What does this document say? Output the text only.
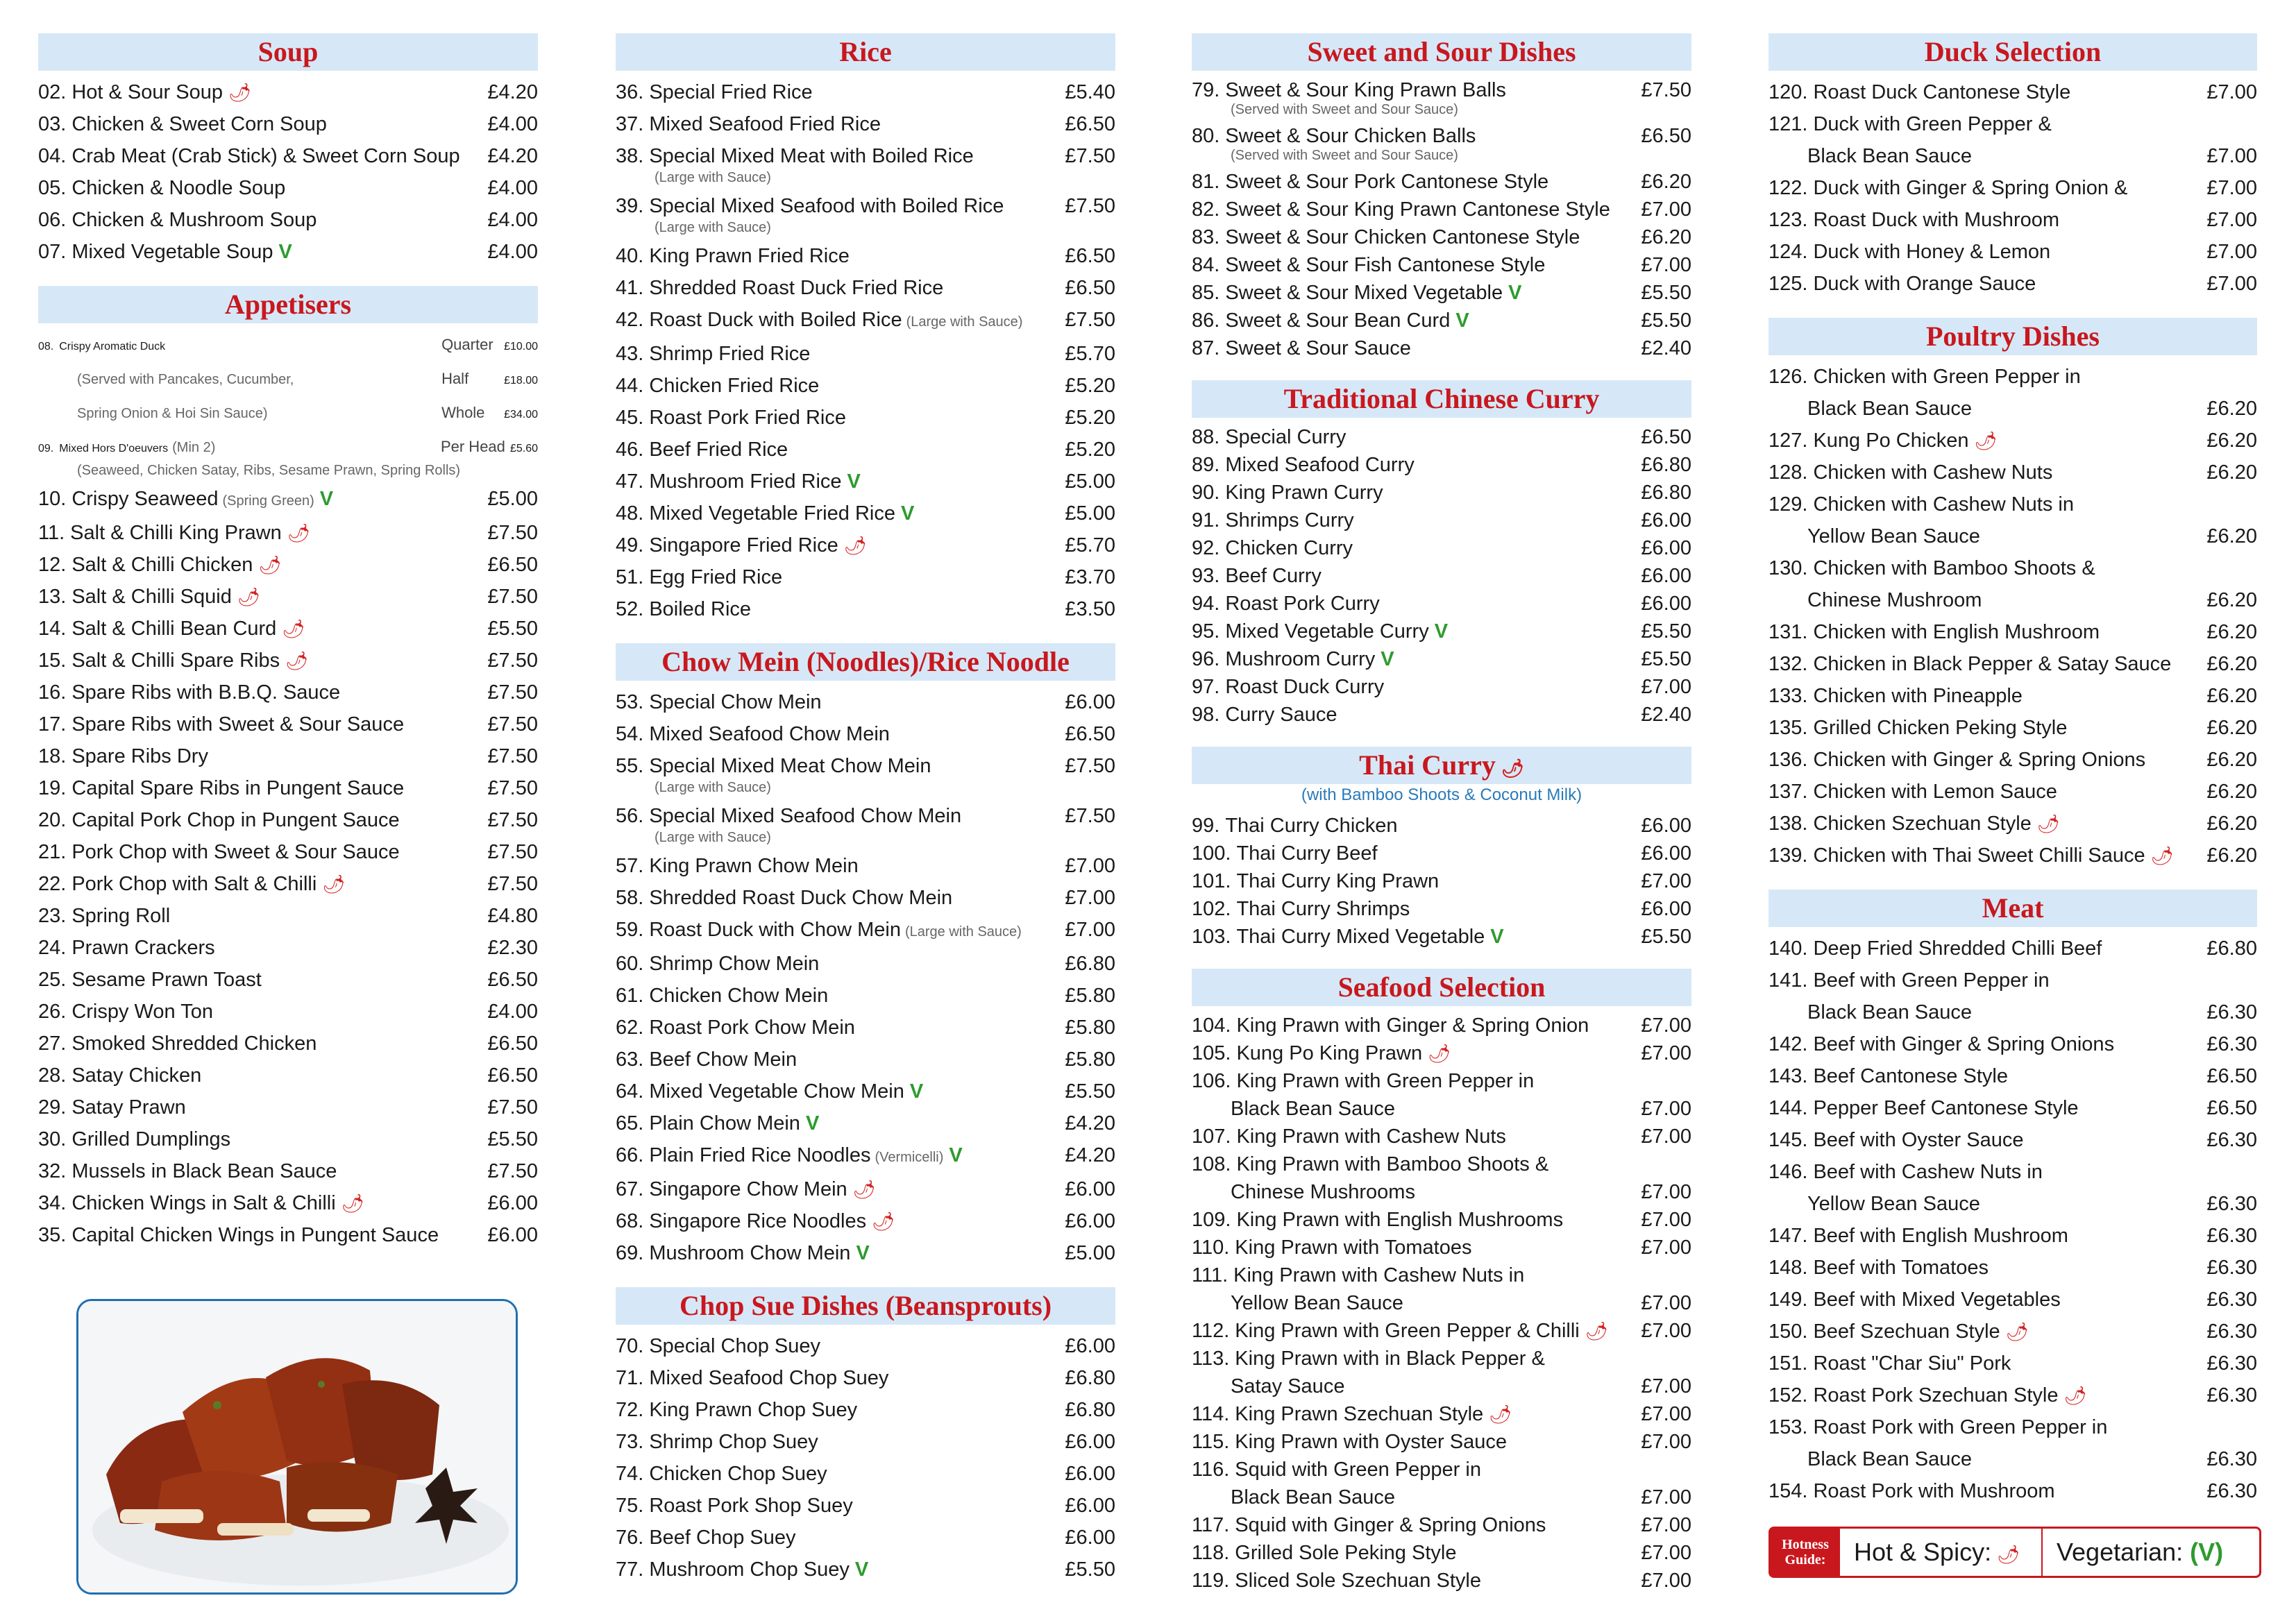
Soup
02. Hot & Sour Soup 🌶	£4.20
03. Chicken & Sweet Corn Soup	£4.00
04. Crab Meat (Crab Stick) & Sweet Corn Soup	£4.20
05. Chicken & Noodle Soup	£4.00
06. Chicken & Mushroom Soup	£4.00
07. Mixed Vegetable Soup V	£4.00
Appetisers
08. Crispy Aromatic Duck	Quarter £10.00
(Served with Pancakes, Cucumber,	Half	£18.00
Spring Onion & Hoi Sin Sauce)	Whole	£34.00
09. Mixed Hors D'oeuvers (Min 2)	Per Head £5.60
(Seaweed, Chicken Satay, Ribs, Sesame Prawn, Spring Rolls)
10. Crispy Seaweed (Spring Green) V	£5.00
11. Salt & Chilli King Prawn 🌶	£7.50
12. Salt & Chilli Chicken 🌶	£6.50
13. Salt & Chilli Squid 🌶	£7.50
14. Salt & Chilli Bean Curd 🌶	£5.50
15. Salt & Chilli Spare Ribs 🌶	£7.50
16. Spare Ribs with B.B.Q. Sauce	£7.50
17. Spare Ribs with Sweet & Sour Sauce	£7.50
18. Spare Ribs Dry	£7.50
19. Capital Spare Ribs in Pungent Sauce	£7.50
20. Capital Pork Chop in Pungent Sauce	£7.50
21. Pork Chop with Sweet & Sour Sauce	£7.50
22. Pork Chop with Salt & Chilli 🌶	£7.50
23. Spring Roll	£4.80
24. Prawn Crackers	£2.30
25. Sesame Prawn Toast	£6.50
26. Crispy Won Ton	£4.00
27. Smoked Shredded Chicken	£6.50
28. Satay Chicken	£6.50
29. Satay Prawn	£7.50
30. Grilled Dumplings	£5.50
32. Mussels in Black Bean Sauce	£7.50
34. Chicken Wings in Salt & Chilli 🌶	£6.00
35. Capital Chicken Wings in Pungent Sauce	£6.00
Rice
36. Special Fried Rice	£5.40
37. Mixed Seafood Fried Rice	£6.50
38. Special Mixed Meat with Boiled Rice	£7.50
(Large with Sauce)
39. Special Mixed Seafood with Boiled Rice	£7.50
(Large with Sauce)
40. King Prawn Fried Rice	£6.50
41. Shredded Roast Duck Fried Rice	£6.50
42. Roast Duck with Boiled Rice (Large with Sauce)	£7.50
43. Shrimp Fried Rice	£5.70
44. Chicken Fried Rice	£5.20
45. Roast Pork Fried Rice	£5.20
46. Beef Fried Rice	£5.20
47. Mushroom Fried Rice V	£5.00
48. Mixed Vegetable Fried Rice V	£5.00
49. Singapore Fried Rice 🌶	£5.70
51. Egg Fried Rice	£3.70
52. Boiled Rice	£3.50
Chow Mein (Noodles)/Rice Noodle
53. Special Chow Mein	£6.00
54. Mixed Seafood Chow Mein	£6.50
55. Special Mixed Meat Chow Mein	£7.50
(Large with Sauce)
56. Special Mixed Seafood Chow Mein	£7.50
(Large with Sauce)
57. King Prawn Chow Mein	£7.00
58. Shredded Roast Duck Chow Mein	£7.00
59. Roast Duck with Chow Mein (Large with Sauce)	£7.00
60. Shrimp Chow Mein	£6.80
61. Chicken Chow Mein	£5.80
62. Roast Pork Chow Mein	£5.80
63. Beef Chow Mein	£5.80
64. Mixed Vegetable Chow Mein V	£5.50
65. Plain Chow Mein V	£4.20
66. Plain Fried Rice Noodles (Vermicelli) V	£4.20
67. Singapore Chow Mein 🌶	£6.00
68. Singapore Rice Noodles 🌶	£6.00
69. Mushroom Chow Mein V	£5.00
Chop Sue Dishes (Beansprouts)
70. Special Chop Suey	£6.00
71. Mixed Seafood Chop Suey	£6.80
72. King Prawn Chop Suey	£6.80
73. Shrimp Chop Suey	£6.00
74. Chicken Chop Suey	£6.00
75. Roast Pork Shop Suey	£6.00
76. Beef Chop Suey	£6.00
77. Mushroom Chop Suey V	£5.50
Sweet and Sour Dishes
79. Sweet & Sour King Prawn Balls	£7.50
(Served with Sweet and Sour Sauce)
80. Sweet & Sour Chicken Balls	£6.50
(Served with Sweet and Sour Sauce)
81. Sweet & Sour Pork Cantonese Style	£6.20
82. Sweet & Sour King Prawn Cantonese Style	£7.00
83. Sweet & Sour Chicken Cantonese Style	£6.20
84. Sweet & Sour Fish Cantonese Style	£7.00
85. Sweet & Sour Mixed Vegetable V	£5.50
86. Sweet & Sour Bean Curd V	£5.50
87. Sweet & Sour Sauce	£2.40
Traditional Chinese Curry
88. Special Curry	£6.50
89. Mixed Seafood Curry	£6.80
90. King Prawn Curry	£6.80
91. Shrimps Curry	£6.00
92. Chicken Curry	£6.00
93. Beef Curry	£6.00
94. Roast Pork Curry	£6.00
95. Mixed Vegetable Curry V	£5.50
96. Mushroom Curry V	£5.50
97. Roast Duck Curry	£7.00
98. Curry Sauce	£2.40
Thai Curry 🌶
(with Bamboo Shoots & Coconut Milk)
99. Thai Curry Chicken	£6.00
100. Thai Curry Beef	£6.00
101. Thai Curry King Prawn	£7.00
102. Thai Curry Shrimps	£6.00
103. Thai Curry Mixed Vegetable V	£5.50
Seafood Selection
104. King Prawn with Ginger & Spring Onion	£7.00
105. Kung Po King Prawn 🌶	£7.00
106. King Prawn with Green Pepper in
Black Bean Sauce	£7.00
107. King Prawn with Cashew Nuts	£7.00
108. King Prawn with Bamboo Shoots &
Chinese Mushrooms	£7.00
109. King Prawn with English Mushrooms	£7.00
110. King Prawn with Tomatoes	£7.00
111. King Prawn with Cashew Nuts in
Yellow Bean Sauce	£7.00
112. King Prawn with Green Pepper & Chilli 🌶	£7.00
113. King Prawn with in Black Pepper &
Satay Sauce	£7.00
114. King Prawn Szechuan Style 🌶	£7.00
115. King Prawn with Oyster Sauce	£7.00
116. Squid with Green Pepper in
Black Bean Sauce	£7.00
117. Squid with Ginger & Spring Onions	£7.00
118. Grilled Sole Peking Style	£7.00
119. Sliced Sole Szechuan Style	£7.00
Duck Selection
120. Roast Duck Cantonese Style	£7.00
121. Duck with Green Pepper &
Black Bean Sauce	£7.00
122. Duck with Ginger & Spring Onion &	£7.00
123. Roast Duck with Mushroom	£7.00
124. Duck with Honey & Lemon	£7.00
125. Duck with Orange Sauce	£7.00
Poultry Dishes
126. Chicken with Green Pepper in
Black Bean Sauce	£6.20
127. Kung Po Chicken 🌶	£6.20
128. Chicken with Cashew Nuts	£6.20
129. Chicken with Cashew Nuts in
Yellow Bean Sauce	£6.20
130. Chicken with Bamboo Shoots &
Chinese Mushroom	£6.20
131. Chicken with English Mushroom	£6.20
132. Chicken in Black Pepper & Satay Sauce	£6.20
133. Chicken with Pineapple	£6.20
135. Grilled Chicken Peking Style	£6.20
136. Chicken with Ginger & Spring Onions	£6.20
137. Chicken with Lemon Sauce	£6.20
138. Chicken Szechuan Style 🌶	£6.20
139. Chicken with Thai Sweet Chilli Sauce 🌶	£6.20
Meat
140. Deep Fried Shredded Chilli Beef	£6.80
141. Beef with Green Pepper in
Black Bean Sauce	£6.30
142. Beef with Ginger & Spring Onions	£6.30
143. Beef Cantonese Style	£6.50
144. Pepper Beef Cantonese Style	£6.50
145. Beef with Oyster Sauce	£6.30
146. Beef with Cashew Nuts in
Yellow Bean Sauce	£6.30
147. Beef with English Mushroom	£6.30
148. Beef with Tomatoes	£6.30
149. Beef with Mixed Vegetables	£6.30
150. Beef Szechuan Style 🌶	£6.30
151. Roast "Char Siu" Pork	£6.30
152. Roast Pork Szechuan Style 🌶	£6.30
153. Roast Pork with Green Pepper in
Black Bean Sauce	£6.30
154. Roast Pork with Mushroom	£6.30
Hotness
Guide:	Hot & Spicy: 🌶	Vegetarian: (V)
